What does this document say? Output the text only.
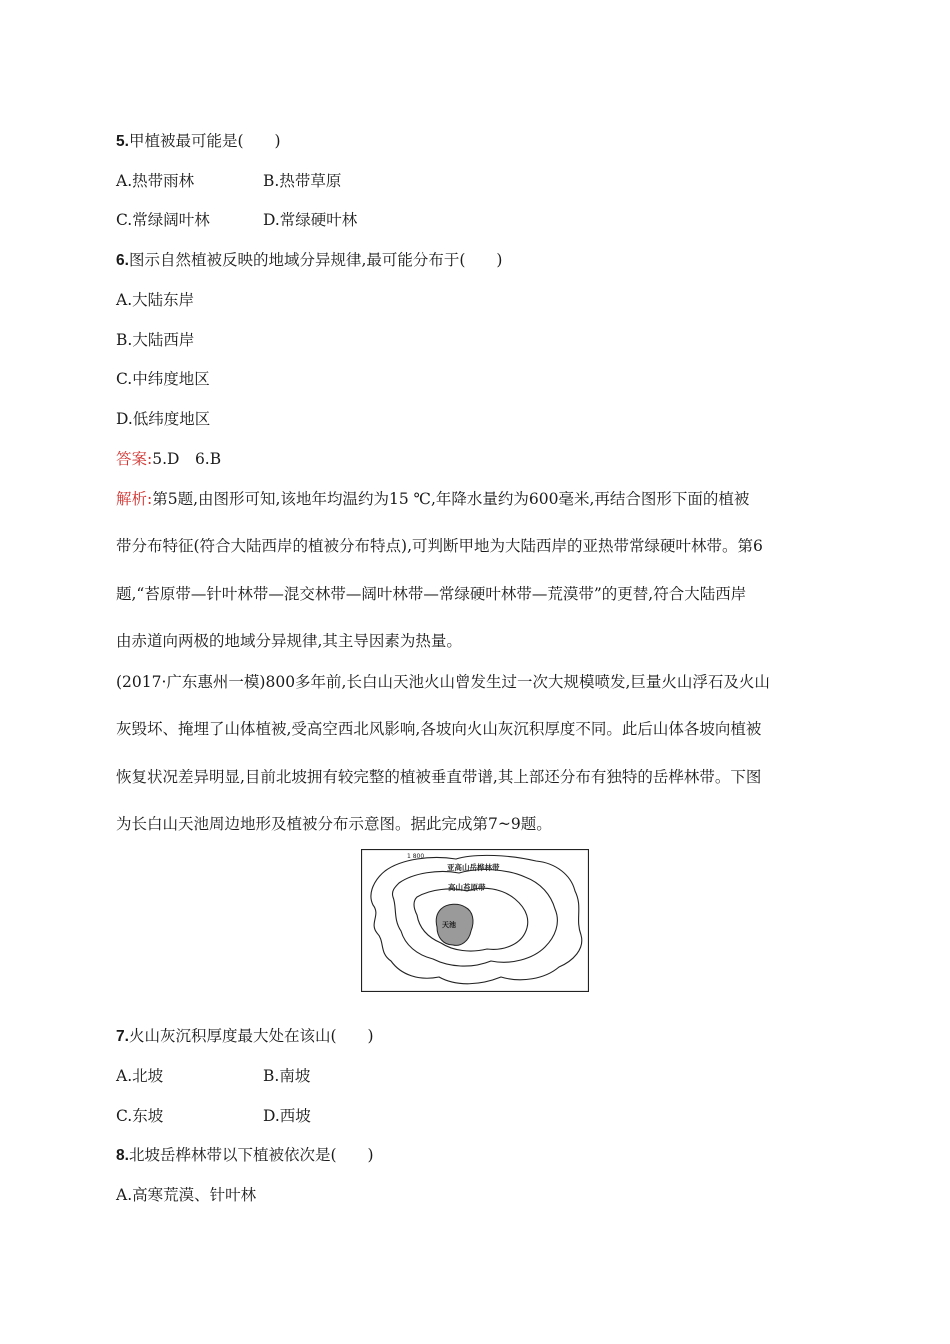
5.甲植被最可能是(　　)
A.热带雨林	B.热带草原
C.常绿阔叶林	D.常绿硬叶林
6.图示自然植被反映的地域分异规律,最可能分布于(　　)
A.大陆东岸
B.大陆西岸
C.中纬度地区
D.低纬度地区
答案:5.D　6.B
解析:第5题,由图形可知,该地年均温约为15 ℃,年降水量约为600毫米,再结合图形下面的植被
带分布特征(符合大陆西岸的植被分布特点),可判断甲地为大陆西岸的亚热带常绿硬叶林带。第6
题,“苔原带—针叶林带—混交林带—阔叶林带—常绿硬叶林带—荒漠带”的更替,符合大陆西岸
由赤道向两极的地域分异规律,其主导因素为热量。
(2017·广东惠州一模)800多年前,长白山天池火山曾发生过一次大规模喷发,巨量火山浮石及火山
灰毁坏、掩埋了山体植被,受高空西北风影响,各坡向火山灰沉积厚度不同。此后山体各坡向植被
恢复状况差异明显,目前北坡拥有较完整的植被垂直带谱,其上部还分布有独特的岳桦林带。下图
为长白山天池周边地形及植被分布示意图。据此完成第7~9题。
1 800
亚高山岳桦林带
高山苔原带
天池
7.火山灰沉积厚度最大处在该山(　　)
A.北坡	B.南坡
C.东坡	D.西坡
8.北坡岳桦林带以下植被依次是(　　)
A.高寒荒漠、针叶林
